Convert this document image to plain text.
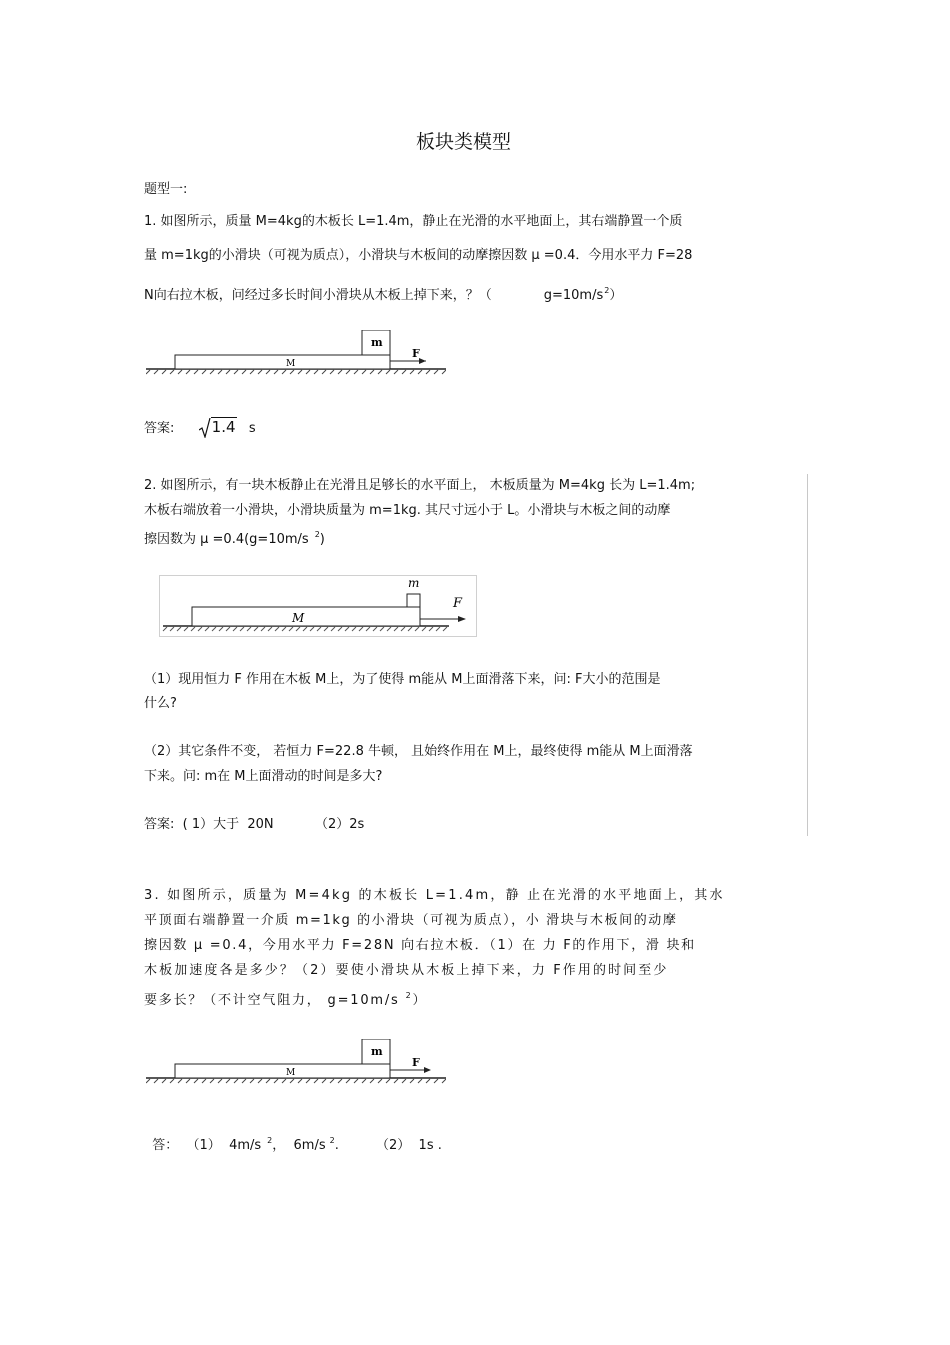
板块类模型
题型一:
1. 如图所示，质量 M=4kg的木板长 L=1.4m，静止在光滑的水平地面上，其右端静置一个质
量 m=1kg的小滑块（可视为质点），小滑块与木板间的动摩擦因数 μ =0.4．今用水平力 F=28
N向右拉木板，问经过多长时间小滑块从木板上掉下来，？（	$g=10m/s^2$）
m
M
F
答案: 1.4 s
2. 如图所示，有一块木板静止在光滑且足够长的水平面上， 木板质量为 M=4kg 长为 L=1.4m;
木板右端放着一小滑块，小滑块质量为 m=1kg. 其尺寸远小于 L。小滑块与木板之间的动摩
擦因数为 μ =0.4(g=10m/s $^2$)
m
M
F
（1）现用恒力 F 作用在木板 M上，为了使得 m能从 M上面滑落下来，问: F大小的范围是
什么?
（2）其它条件不变， 若恒力 F=22.8 牛顿， 且始终作用在 M上，最终使得 m能从 M上面滑落
下来。问: m在 M上面滑动的时间是多大?
答案:  ( 1）大于  20N          （2）2s
3. 如图所示，质量为 M=4kg 的木板长 L=1.4m，静 止在光滑的水平地面上，其水
平顶面右端静置一介质 m=1kg 的小滑块（可视为质点），小 滑块与木板间的动摩
擦因数 μ =0.4，今用水平力 F=28N 向右拉木板．（1）在 力 F的作用下，滑 块和
木板加速度各是多少？（2）要使小滑块从木板上掉下来，力 F作用的时间至少
要多长？（不计空气阻力， g=10m/s $^2$）
m
M
F

答：  （1）  4m/s $^2$，  6m/s $^2$.         （2）  1s .
